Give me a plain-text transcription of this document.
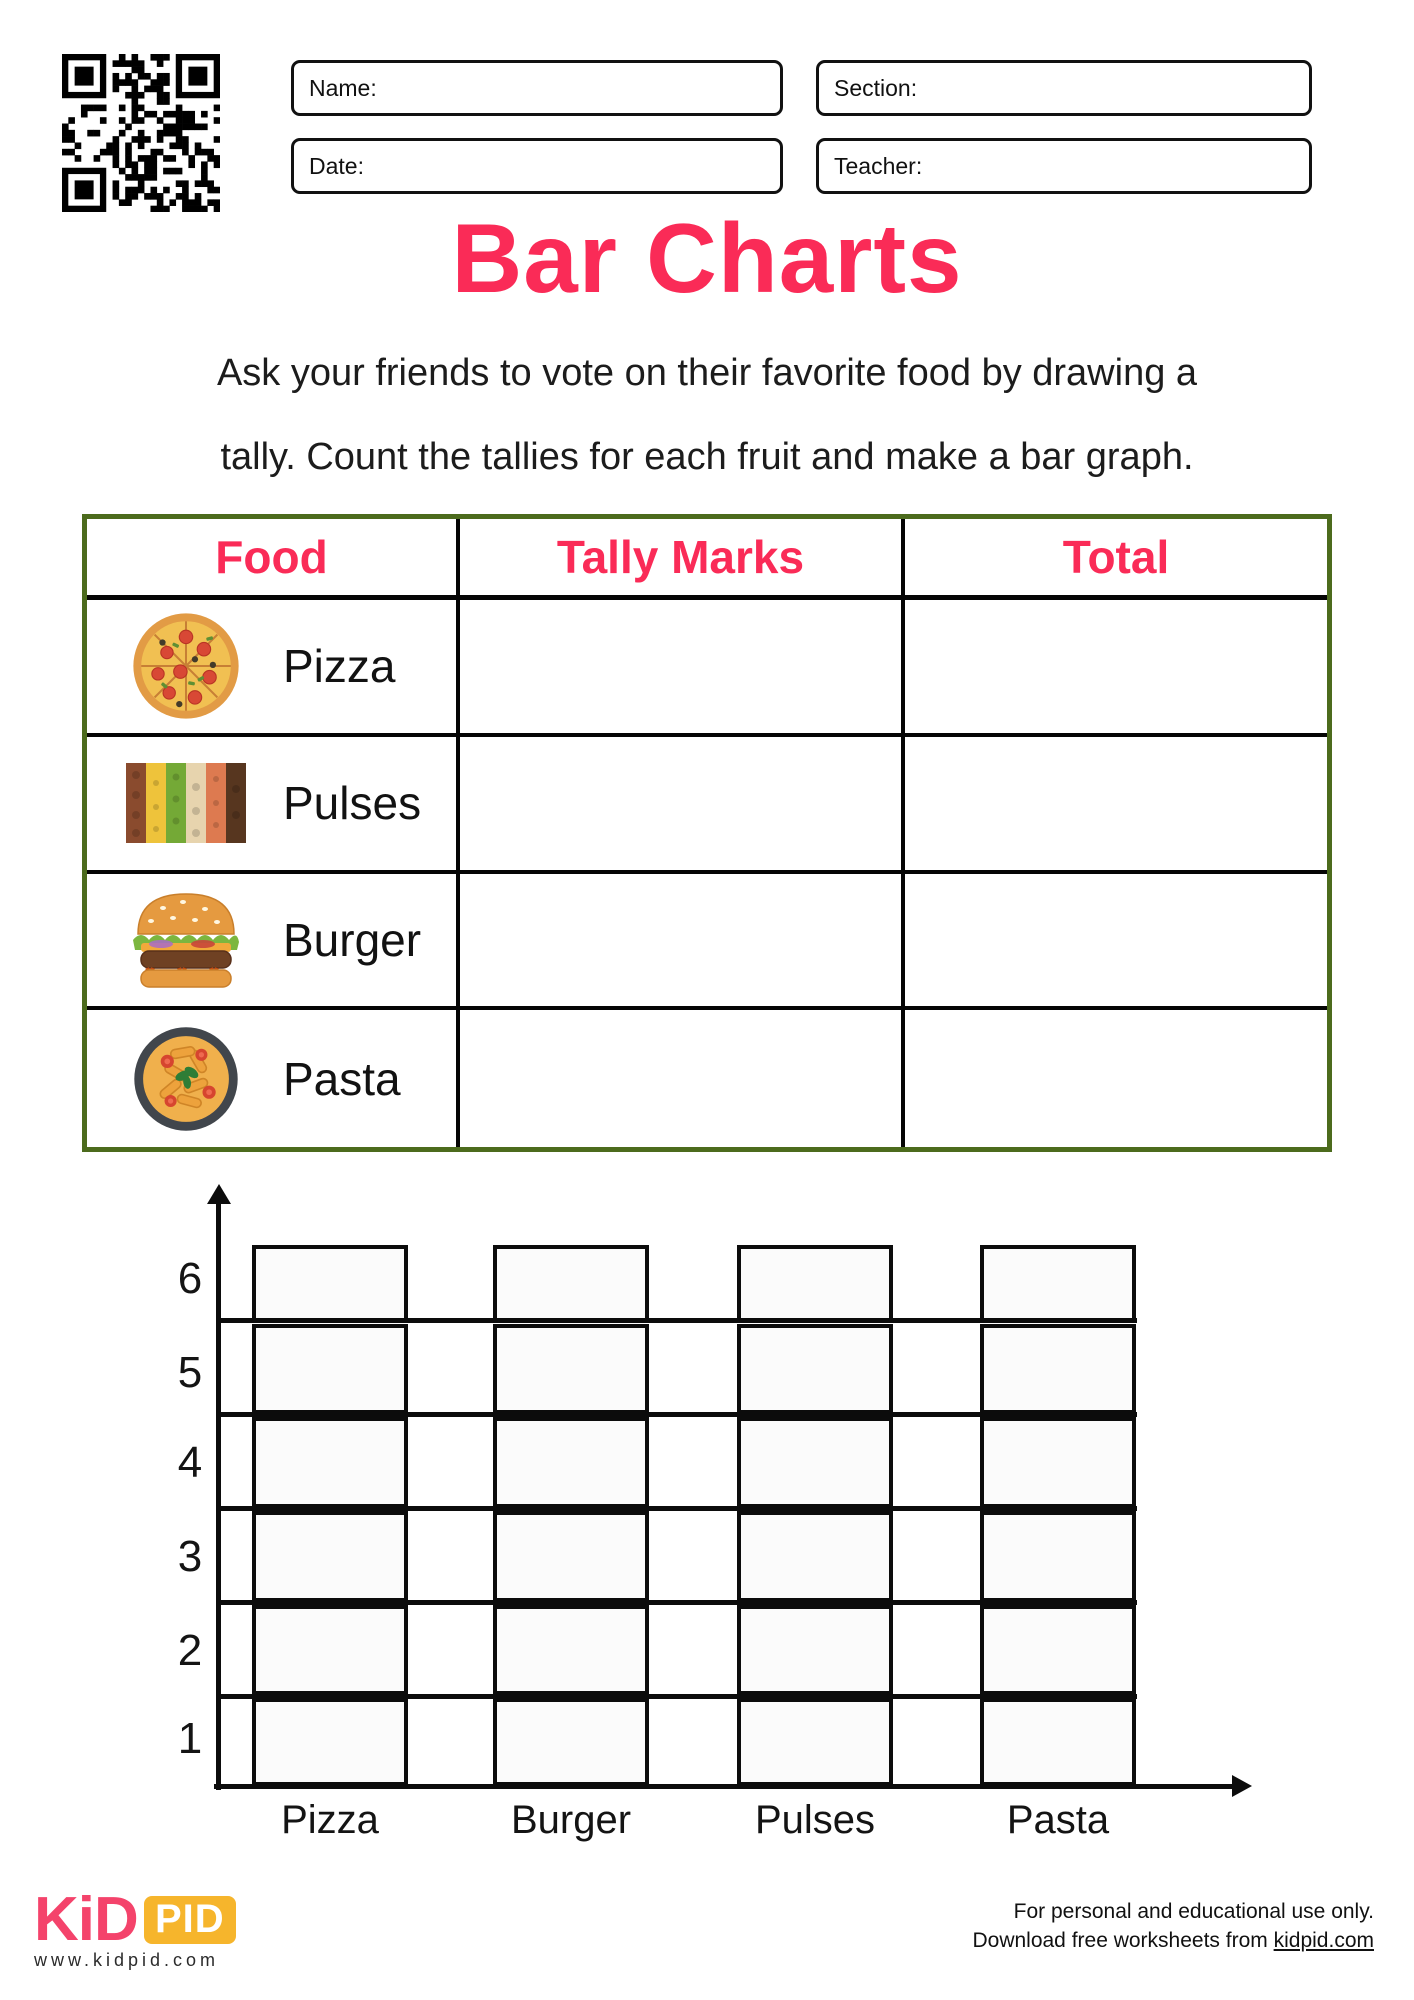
Name:	Section:
Date:	Teacher:
Bar Charts

Ask your friends to vote on their favorite food by drawing a

tally. Count the tallies for each fruit and make a bar graph.

Food	Tally Marks	Total
Pizza
Pulses
Burger
Pasta
6
5
4
3
2
1
Pizza	Burger	Pulses	Pasta
KiD PID
www.kidpid.com
For personal and educational use only.
Download free worksheets from kidpid.com
